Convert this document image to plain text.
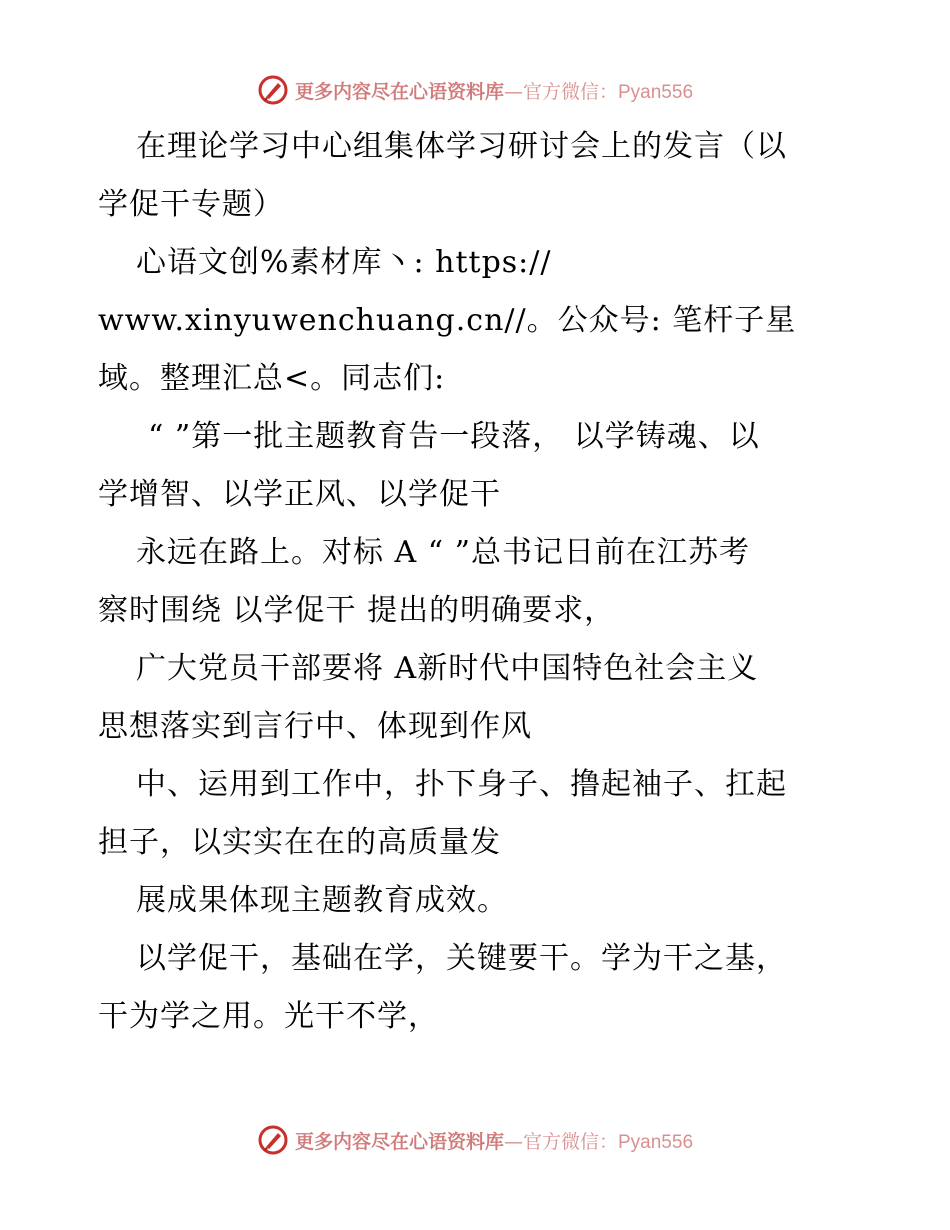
更多内容尽在心语资料库—官方微信：Pyan556
在理论学习中心组集体学习研讨会上的发言（以
学促干专题）
心语文创%素材库丶: https://
www.xinyuwenchuang.cn//。公众号: 笔杆子星
域。整理汇总<。同志们:
“ ”第一批主题教育告一段落， 以学铸魂、以
学增智、以学正风、以学促干
永远在路上。对标 A “ ”总书记日前在江苏考
察时围绕 以学促干 提出的明确要求，
广大党员干部要将 A新时代中国特色社会主义
思想落实到言行中、体现到作风
中、运用到工作中，扑下身子、撸起袖子、扛起
担子，以实实在在的高质量发
展成果体现主题教育成效。
以学促干，基础在学，关键要干。学为干之基，
干为学之用。光干不学，
更多内容尽在心语资料库—官方微信：Pyan556
